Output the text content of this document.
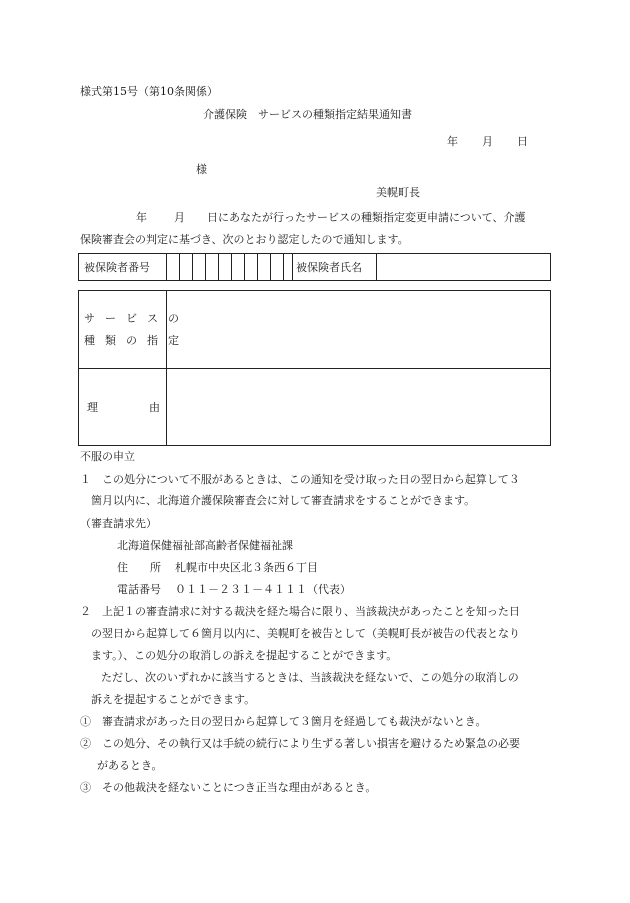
様式第15号（第10条関係）
介護保険　サービスの種類指定結果通知書
年 月 日
様
美幌町長
年 月 日にあなたが行ったサービスの種類指定変更申請について、介護
保険審査会の判定に基づき、次のとおり認定したので通知します。
被保険者番号	被保険者氏名
サービスの
種類の指定
理	由
不服の申立
１　この処分について不服があるときは、この通知を受け取った日の翌日から起算して３
箇月以内に、北海道介護保険審査会に対して審査請求をすることができます。
（審査請求先）
北海道保健福祉部高齢者保健福祉課
住　　所 札幌市中央区北３条西６丁目
電話番号 ０１１－２３１－４１１１（代表）
２　上記１の審査請求に対する裁決を経た場合に限り、当該裁決があったことを知った日
の翌日から起算して６箇月以内に、美幌町を被告として（美幌町長が被告の代表となり
ます。）、この処分の取消しの訴えを提起することができます。
ただし、次のいずれかに該当するときは、当該裁決を経ないで、この処分の取消しの
訴えを提起することができます。
①　審査請求があった日の翌日から起算して３箇月を経過しても裁決がないとき。
②　この処分、その執行又は手続の続行により生ずる著しい損害を避けるため緊急の必要
があるとき。
③　その他裁決を経ないことにつき正当な理由があるとき。
